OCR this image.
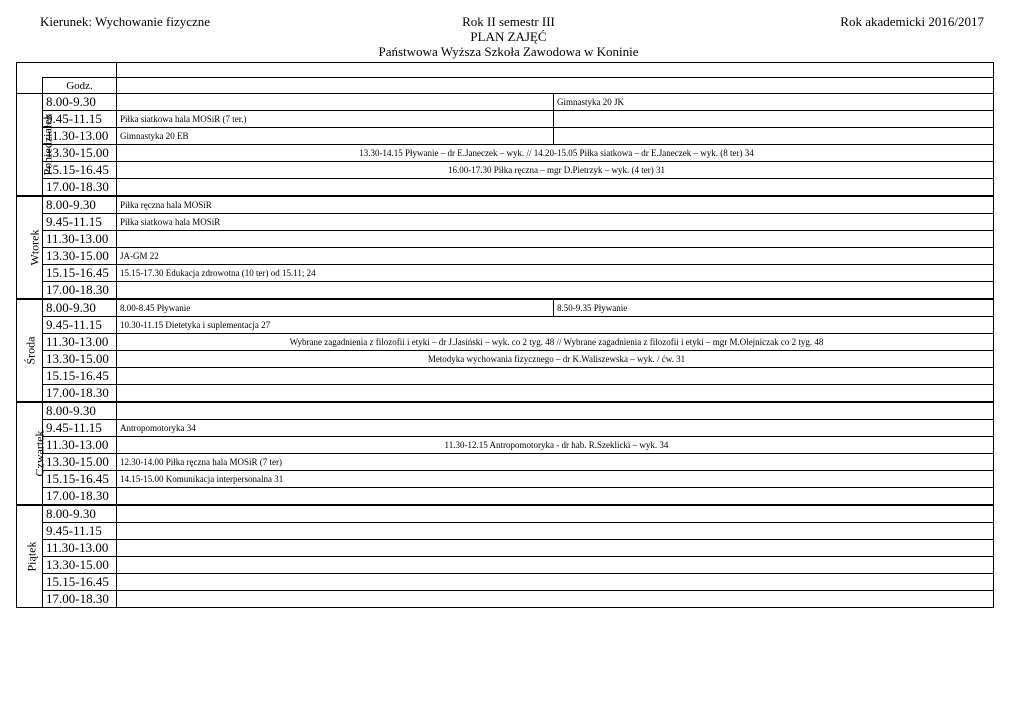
Kierunek: Wychowanie fizyczne	Rok II semestr III
PLAN ZAJĘĆ
Państwowa Wyższa Szkoła Zawodowa w Koninie
Rok akademicki 2016/2017

	Godz.		
Poniedziałek	8.00-9.30		Gimnastyka 20 JK
	9.45-11.15	Piłka siatkowa hala MOSiR (7 ter.)	
	11.30-13.00	Gimnastyka 20 EB	
	13.30-15.00	13.30-14.15 Pływanie – dr E.Janeczek – wyk. // 14.20-15.05 Piłka siatkowa – dr E.Janeczek – wyk. (8 ter) 34	
	15.15-16.45	16.00-17.30 Piłka ręczna – mgr D.Pietrzyk – wyk. (4 ter) 31	
	17.00-18.30		
Wtorek	8.00-9.30	Piłka ręczna hala MOSiR	
	9.45-11.15	Piłka siatkowa hala MOSiR	
	11.30-13.00		
	13.30-15.00	JA-GM 22	
	15.15-16.45	15.15-17.30 Edukacja zdrowotna (10 ter) od 15.11; 24	
	17.00-18.30		
Środa	8.00-9.30	8.00-8.45 Pływanie	8.50-9.35 Pływanie
	9.45-11.15	10.30-11.15 Dietetyka i suplementacja 27	
	11.30-13.00	Wybrane zagadnienia z filozofii i etyki – dr J.Jasiński – wyk. co 2 tyg. 48 // Wybrane zagadnienia z filozofii i etyki – mgr M.Olejniczak co 2 tyg. 48	
	13.30-15.00	Metodyka wychowania fizycznego – dr K.Waliszewska – wyk. / ćw. 31	
	15.15-16.45		
	17.00-18.30		
Czwartek	8.00-9.30		
	9.45-11.15	Antropomotoryka 34	
	11.30-13.00	11.30-12.15 Antropomotoryka - dr hab. R.Szeklicki – wyk. 34	
	13.30-15.00	12.30-14.00 Piłka ręczna hala MOSiR (7 ter)	
	15.15-16.45	14.15-15.00 Komunikacja interpersonalna 31	
	17.00-18.30		
Piątek	8.00-9.30		
	9.45-11.15		
	11.30-13.00		
	13.30-15.00		
	15.15-16.45		
	17.00-18.30		
